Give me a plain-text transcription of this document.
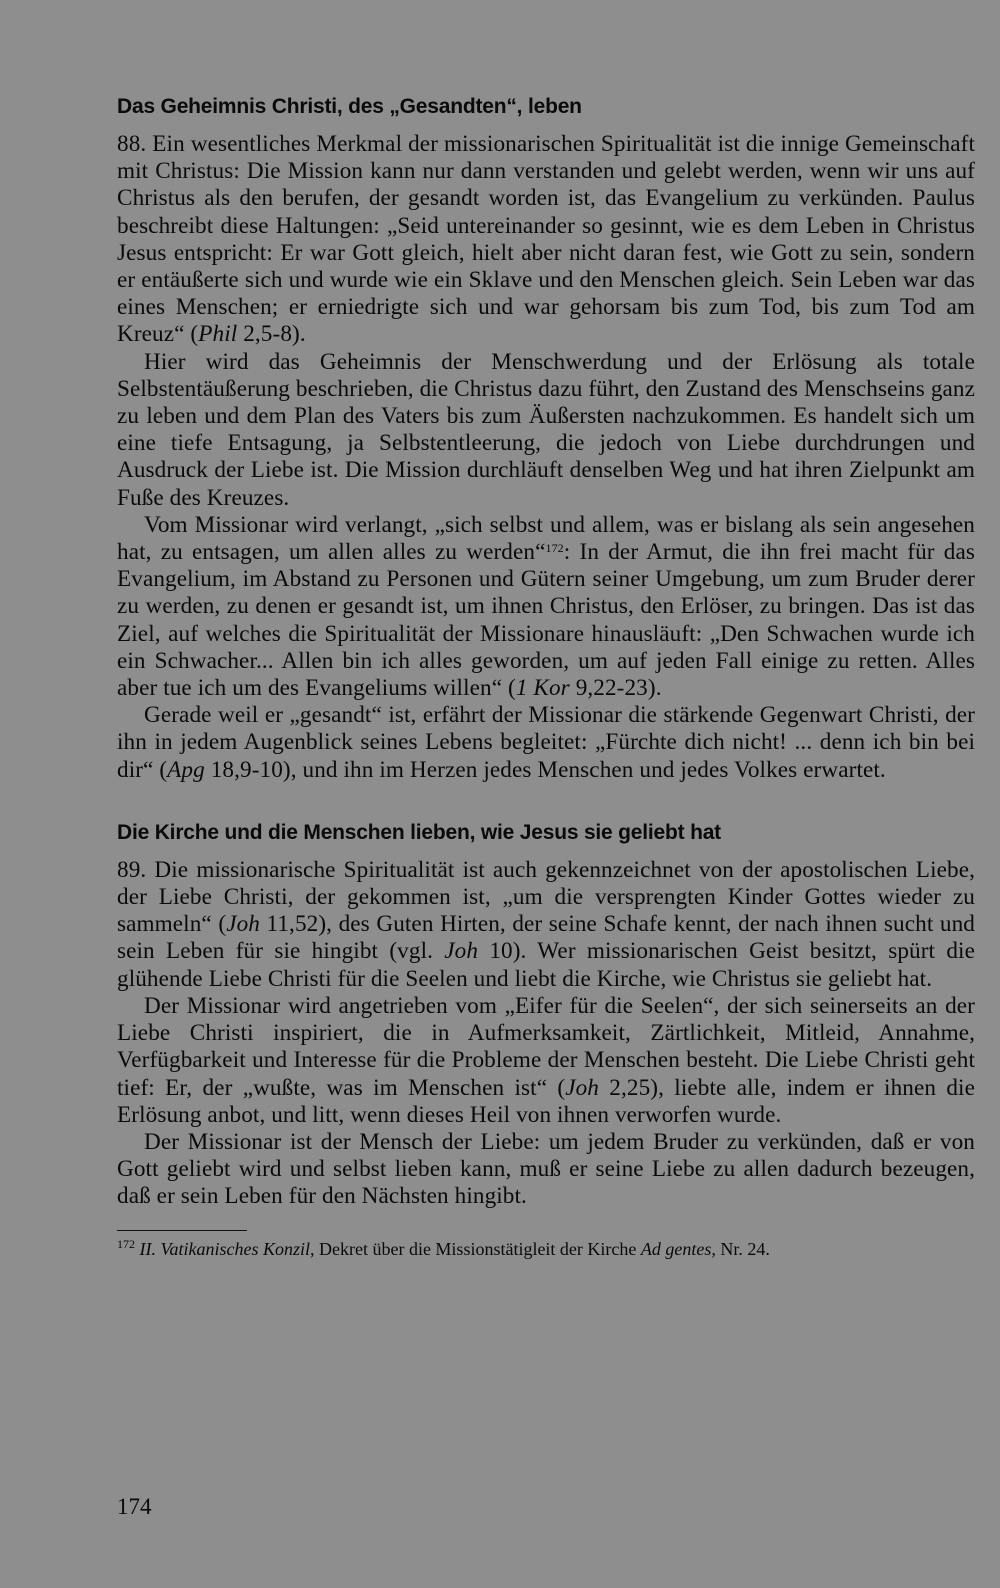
Das Geheimnis Christi, des „Gesandten“, leben

88. Ein wesentliches Merkmal der missionarischen Spiritualität ist die innige Gemeinschaft mit Christus: Die Mission kann nur dann verstanden und gelebt werden, wenn wir uns auf Christus als den berufen, der gesandt worden ist, das Evangelium zu verkünden. Paulus beschreibt diese Haltungen: „Seid untereinander so gesinnt, wie es dem Leben in Christus Jesus entspricht: Er war Gott gleich, hielt aber nicht daran fest, wie Gott zu sein, sondern er entäußerte sich und wurde wie ein Sklave und den Menschen gleich. Sein Leben war das eines Menschen; er erniedrigte sich und war gehorsam bis zum Tod, bis zum Tod am Kreuz“ (Phil 2,5-8).

Hier wird das Geheimnis der Menschwerdung und der Erlösung als totale Selbstentäußerung beschrieben, die Christus dazu führt, den Zustand des Menschseins ganz zu leben und dem Plan des Vaters bis zum Äußersten nachzukommen. Es handelt sich um eine tiefe Entsagung, ja Selbstentleerung, die jedoch von Liebe durchdrungen und Ausdruck der Liebe ist. Die Mission durchläuft denselben Weg und hat ihren Zielpunkt am Fuße des Kreuzes.

Vom Missionar wird verlangt, „sich selbst und allem, was er bislang als sein angesehen hat, zu entsagen, um allen alles zu werden“$^{172}$: In der Armut, die ihn frei macht für das Evangelium, im Abstand zu Personen und Gütern seiner Umgebung, um zum Bruder derer zu werden, zu denen er gesandt ist, um ihnen Christus, den Erlöser, zu bringen. Das ist das Ziel, auf welches die Spiritualität der Missionare hinausläuft: „Den Schwachen wurde ich ein Schwacher... Allen bin ich alles geworden, um auf jeden Fall einige zu retten. Alles aber tue ich um des Evangeliums willen“ (1 Kor 9,22-23).

Gerade weil er „gesandt“ ist, erfährt der Missionar die stärkende Gegenwart Christi, der ihn in jedem Augenblick seines Lebens begleitet: „Fürchte dich nicht! ... denn ich bin bei dir“ (Apg 18,9-10), und ihn im Herzen jedes Menschen und jedes Volkes erwartet.

Die Kirche und die Menschen lieben, wie Jesus sie geliebt hat

89. Die missionarische Spiritualität ist auch gekennzeichnet von der apostolischen Liebe, der Liebe Christi, der gekommen ist, „um die versprengten Kinder Gottes wieder zu sammeln“ (Joh 11,52), des Guten Hirten, der seine Schafe kennt, der nach ihnen sucht und sein Leben für sie hingibt (vgl. Joh 10). Wer missionarischen Geist besitzt, spürt die glühende Liebe Christi für die Seelen und liebt die Kirche, wie Christus sie geliebt hat.

Der Missionar wird angetrieben vom „Eifer für die Seelen“, der sich seinerseits an der Liebe Christi inspiriert, die in Aufmerksamkeit, Zärtlichkeit, Mitleid, Annahme, Verfügbarkeit und Interesse für die Probleme der Menschen besteht. Die Liebe Christi geht tief: Er, der „wußte, was im Menschen ist“ (Joh 2,25), liebte alle, indem er ihnen die Erlösung anbot, und litt, wenn dieses Heil von ihnen verworfen wurde.

Der Missionar ist der Mensch der Liebe: um jedem Bruder zu verkünden, daß er von Gott geliebt wird und selbst lieben kann, muß er seine Liebe zu allen dadurch bezeugen, daß er sein Leben für den Nächsten hingibt.

$^{172}$ II. Vatikanisches Konzil, Dekret über die Missionstätigleit der Kirche Ad gentes, Nr. 24.
174
